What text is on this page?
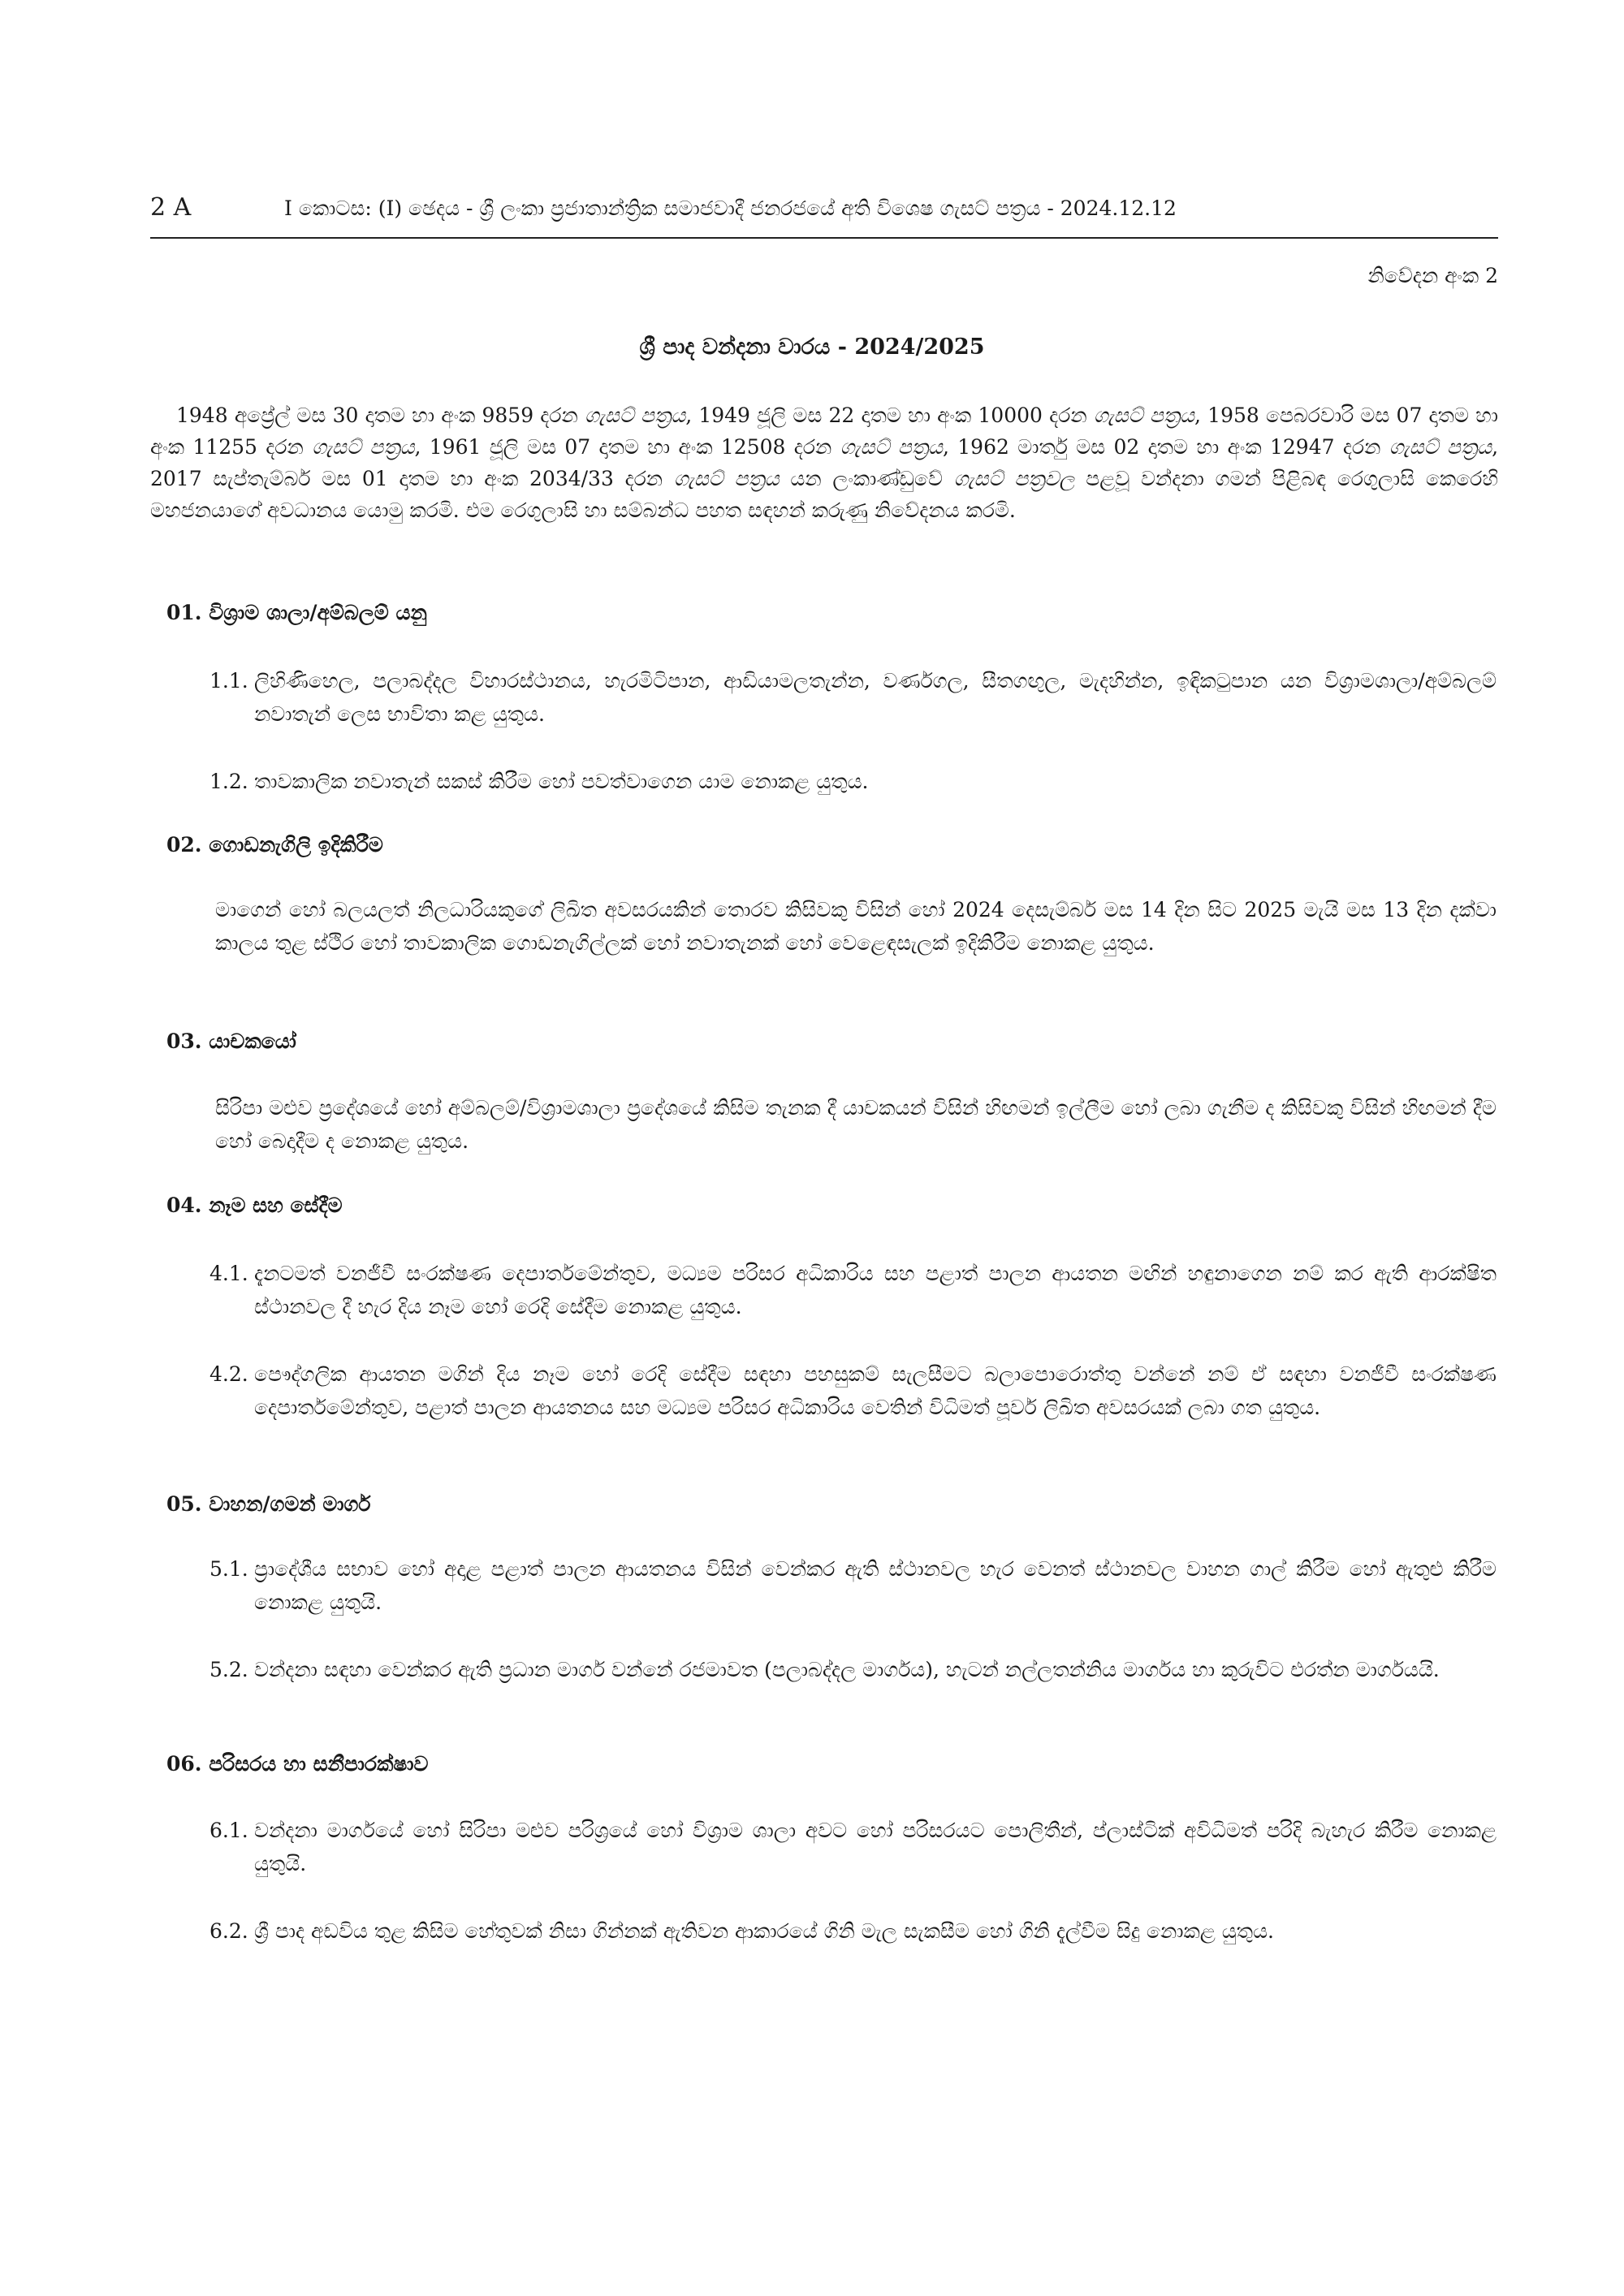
2 A	I කොටස: (I) ඡෙදය - ශ්‍රී ලංකා ප්‍රජාතාන්ත්‍රික සමාජවාදී ජනරජයේ අති විශෙෂ ගැසට් පත්‍රය - 2024.12.12
නිවේදන අංක 2
ශ්‍රී පාද වන්දනා වාරය - 2024/2025

1948 අප්‍රේල් මස 30 දාතම හා අංක 9859 දරන ගැසට් පත්‍රය, 1949 ජූලි මස 22 දාතම හා අංක 10000 දරන ගැසට් පත්‍රය, 1958 පෙබරවාරි මස 07 දාතම හා අංක 11255 දරන ගැසට් පත්‍රය, 1961 ජූලි මස 07 දාතම හා අංක 12508 දරන ගැසට් පත්‍රය, 1962 මාර්තු මස 02 දාතම හා අංක 12947 දරන ගැසට් පත්‍රය, 2017 සැප්තැම්බර් මස 01 දාතම හා අංක 2034/33 දරන ගැසට් පත්‍රය යන ලංකාණ්ඩුවේ ගැසට් පත්‍රවල පළවූ වන්දනා ගමන් පිළිබඳ රෙගුලාසි කෙරෙහි මහජනයාගේ අවධානය යොමු කරමි. එම රෙගුලාසි හා සම්බන්ධ පහත සඳහන් කරුණු නිවේදනය කරමි.

01. විශ්‍රාම ශාලා/අම්බලම් යනු
1.1. ලිහිණිහෙල, පලාබද්දල විහාරස්ථානය, හැරමිටිපාන, ආඩියාමලතැන්න, වර්ණගල, සීතගඟුල, මැදහින්න, ඉඳිකටුපාන යන විශ්‍රාමශාලා/අම්බලම් නවාතැන් ලෙස භාවිතා කළ යුතුය.
1.2. තාවකාලික නවාතැන් සකස් කිරීම හෝ පවත්වාගෙන යාම නොකළ යුතුය.
02. ගොඩනැගිලි ඉදිකිරීම

මාගෙන් හෝ බලයලත් නිලධාරියකුගේ ලිඛිත අවසරයකින් තොරව කිසිවකු විසින් හෝ 2024 දෙසැම්බර් මස 14 දින සිට 2025 මැයි මස 13 දින දක්වා කාලය තුළ ස්ථිර හෝ තාවකාලික ගොඩනැගිල්ලක් හෝ නවාතැනක් හෝ වෙළෙඳසැලක් ඉදිකිරීම නොකළ යුතුය.

03. යාචකයෝ

සිරිපා මළුව ප්‍රදේශයේ හෝ අම්බලම්/විශ්‍රාමශාලා ප්‍රදේශයේ කිසිම තැනක දී යාචකයන් විසින් හිඟමන් ඉල්ලීම හෝ ලබා ගැනීම ද කිසිවකු විසින් හිඟමන් දීම හෝ බෙදාදීම ද නොකළ යුතුය.

04. නෑම සහ සේදීම
4.1. දැනටමත් වනජීවී සංරක්ෂණ දෙපාර්තමේන්තුව, මධ්‍යම පරිසර අධිකාරිය සහ පළාත් පාලන ආයතන මඟින් හඳුනාගෙන නම් කර ඇති ආරක්ෂිත ස්ථානවල දී හැර දිය නෑම හෝ රෙදි සේදීම නොකළ යුතුය.
4.2. පෞද්ගලික ආයතන මගින් දිය නෑම හෝ රෙදි සේදීම සඳහා පහසුකම් සැලසීමට බලාපොරොත්තු වන්නේ නම් ඒ සඳහා වනජීවී සංරක්ෂණ දෙපාර්තමේන්තුව, පළාත් පාලන ආයතනය සහ මධ්‍යම පරිසර අධිකාරිය වෙතින් විධිමත් පූර්ව ලිඛිත අවසරයක් ලබා ගත යුතුය.
05. වාහන/ගමන් මාර්ග
5.1. ප්‍රාදේශීය සභාව හෝ අදාළ පළාත් පාලන ආයතනය විසින් වෙන්කර ඇති ස්ථානවල හැර වෙනත් ස්ථානවල වාහන ගාල් කිරීම හෝ ඇතුළු කිරීම නොකළ යුතුයි.
5.2. වන්දනා සඳහා වෙන්කර ඇති ප්‍රධාන මාර්ග වන්නේ රජමාවත (පලාබද්දල මාර්ගය), හැටන් නල්ලතන්නිය මාර්ගය හා කුරුවිට එරත්න මාර්ගයයි.
06. පරිසරය හා සනීපාරක්ෂාව
6.1. වන්දනා මාර්ගයේ හෝ සිරිපා මළුව පරිශ්‍රයේ හෝ විශ්‍රාම ශාලා අවට හෝ පරිසරයට පොලිතීන්, ප්ලාස්ටික් අවිධිමත් පරිදි බැහැර කිරීම නොකළ යුතුයි.
6.2. ශ්‍රී පාද අඩවිය තුළ කිසිම හේතුවක් නිසා ගින්නක් ඇතිවන ආකාරයේ ගිනි මැල සැකසීම හෝ ගිනි දැල්වීම සිදු නොකළ යුතුය.
